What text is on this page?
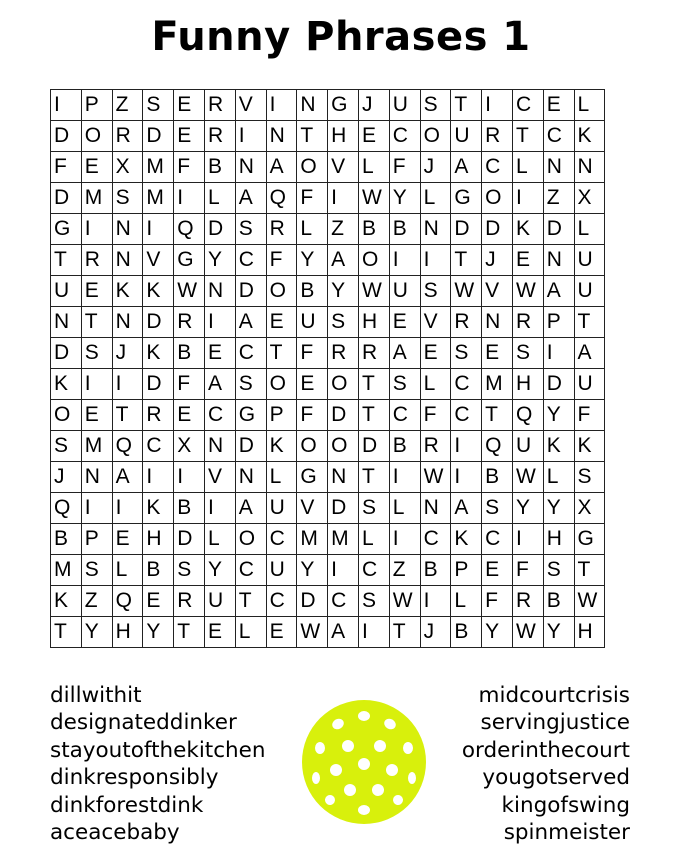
Funny Phrases 1
I	P	Z	S	E	R	V	I	N	G	J	U	S	T	I	C	E	L
D	O	R	D	E	R	I	N	T	H	E	C	O	U	R	T	C	K
F	E	X	M	F	B	N	A	O	V	L	F	J	A	C	L	N	N
D	M	S	M	I	L	A	Q	F	I	W	Y	L	G	O	I	Z	X
G	I	N	I	Q	D	S	R	L	Z	B	B	N	D	D	K	D	L
T	R	N	V	G	Y	C	F	Y	A	O	I	I	T	J	E	N	U
U	E	K	K	W	N	D	O	B	Y	W	U	S	W	V	W	A	U
N	T	N	D	R	I	A	E	U	S	H	E	V	R	N	R	P	T
D	S	J	K	B	E	C	T	F	R	R	A	E	S	E	S	I	A
K	I	I	D	F	A	S	O	E	O	T	S	L	C	M	H	D	U
O	E	T	R	E	C	G	P	F	D	T	C	F	C	T	Q	Y	F
S	M	Q	C	X	N	D	K	O	O	D	B	R	I	Q	U	K	K
J	N	A	I	I	V	N	L	G	N	T	I	W	I	B	W	L	S
Q	I	I	K	B	I	A	U	V	D	S	L	N	A	S	Y	Y	X
B	P	E	H	D	L	O	C	M	M	L	I	C	K	C	I	H	G
M	S	L	B	S	Y	C	U	Y	I	C	Z	B	P	E	F	S	T
K	Z	Q	E	R	U	T	C	D	C	S	W	I	L	F	R	B	W
T	Y	H	Y	T	E	L	E	W	A	I	T	J	B	Y	W	Y	H
dillwithit
designateddinker
stayoutofthekitchen
dinkresponsibly
dinkforestdink
aceacebaby
midcourtcrisis
servingjustice
orderinthecourt
yougotserved
kingofswing
spinmeister
